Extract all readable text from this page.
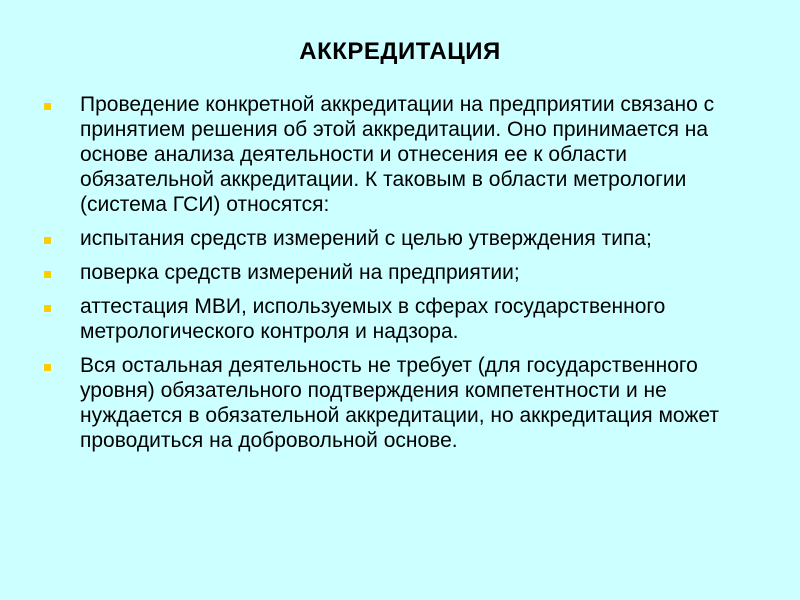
АККРЕДИТАЦИЯ
Проведение конкретной аккредитации на предприятии связано с принятием решения об этой аккредитации. Оно принимается на основе анализа деятельности и отнесения ее к области обязательной аккредитации. К таковым в области метрологии (система ГСИ) относятся:
испытания средств измерений с целью утверждения типа;
поверка средств измерений на предприятии;
аттестация МВИ, используемых в сферах государственного метрологического контроля и надзора.
Вся остальная деятельность не требует (для государственного уровня) обязательного подтверждения компетентности и не нуждается в обязательной аккредитации, но аккредитация может проводиться на добровольной основе.
